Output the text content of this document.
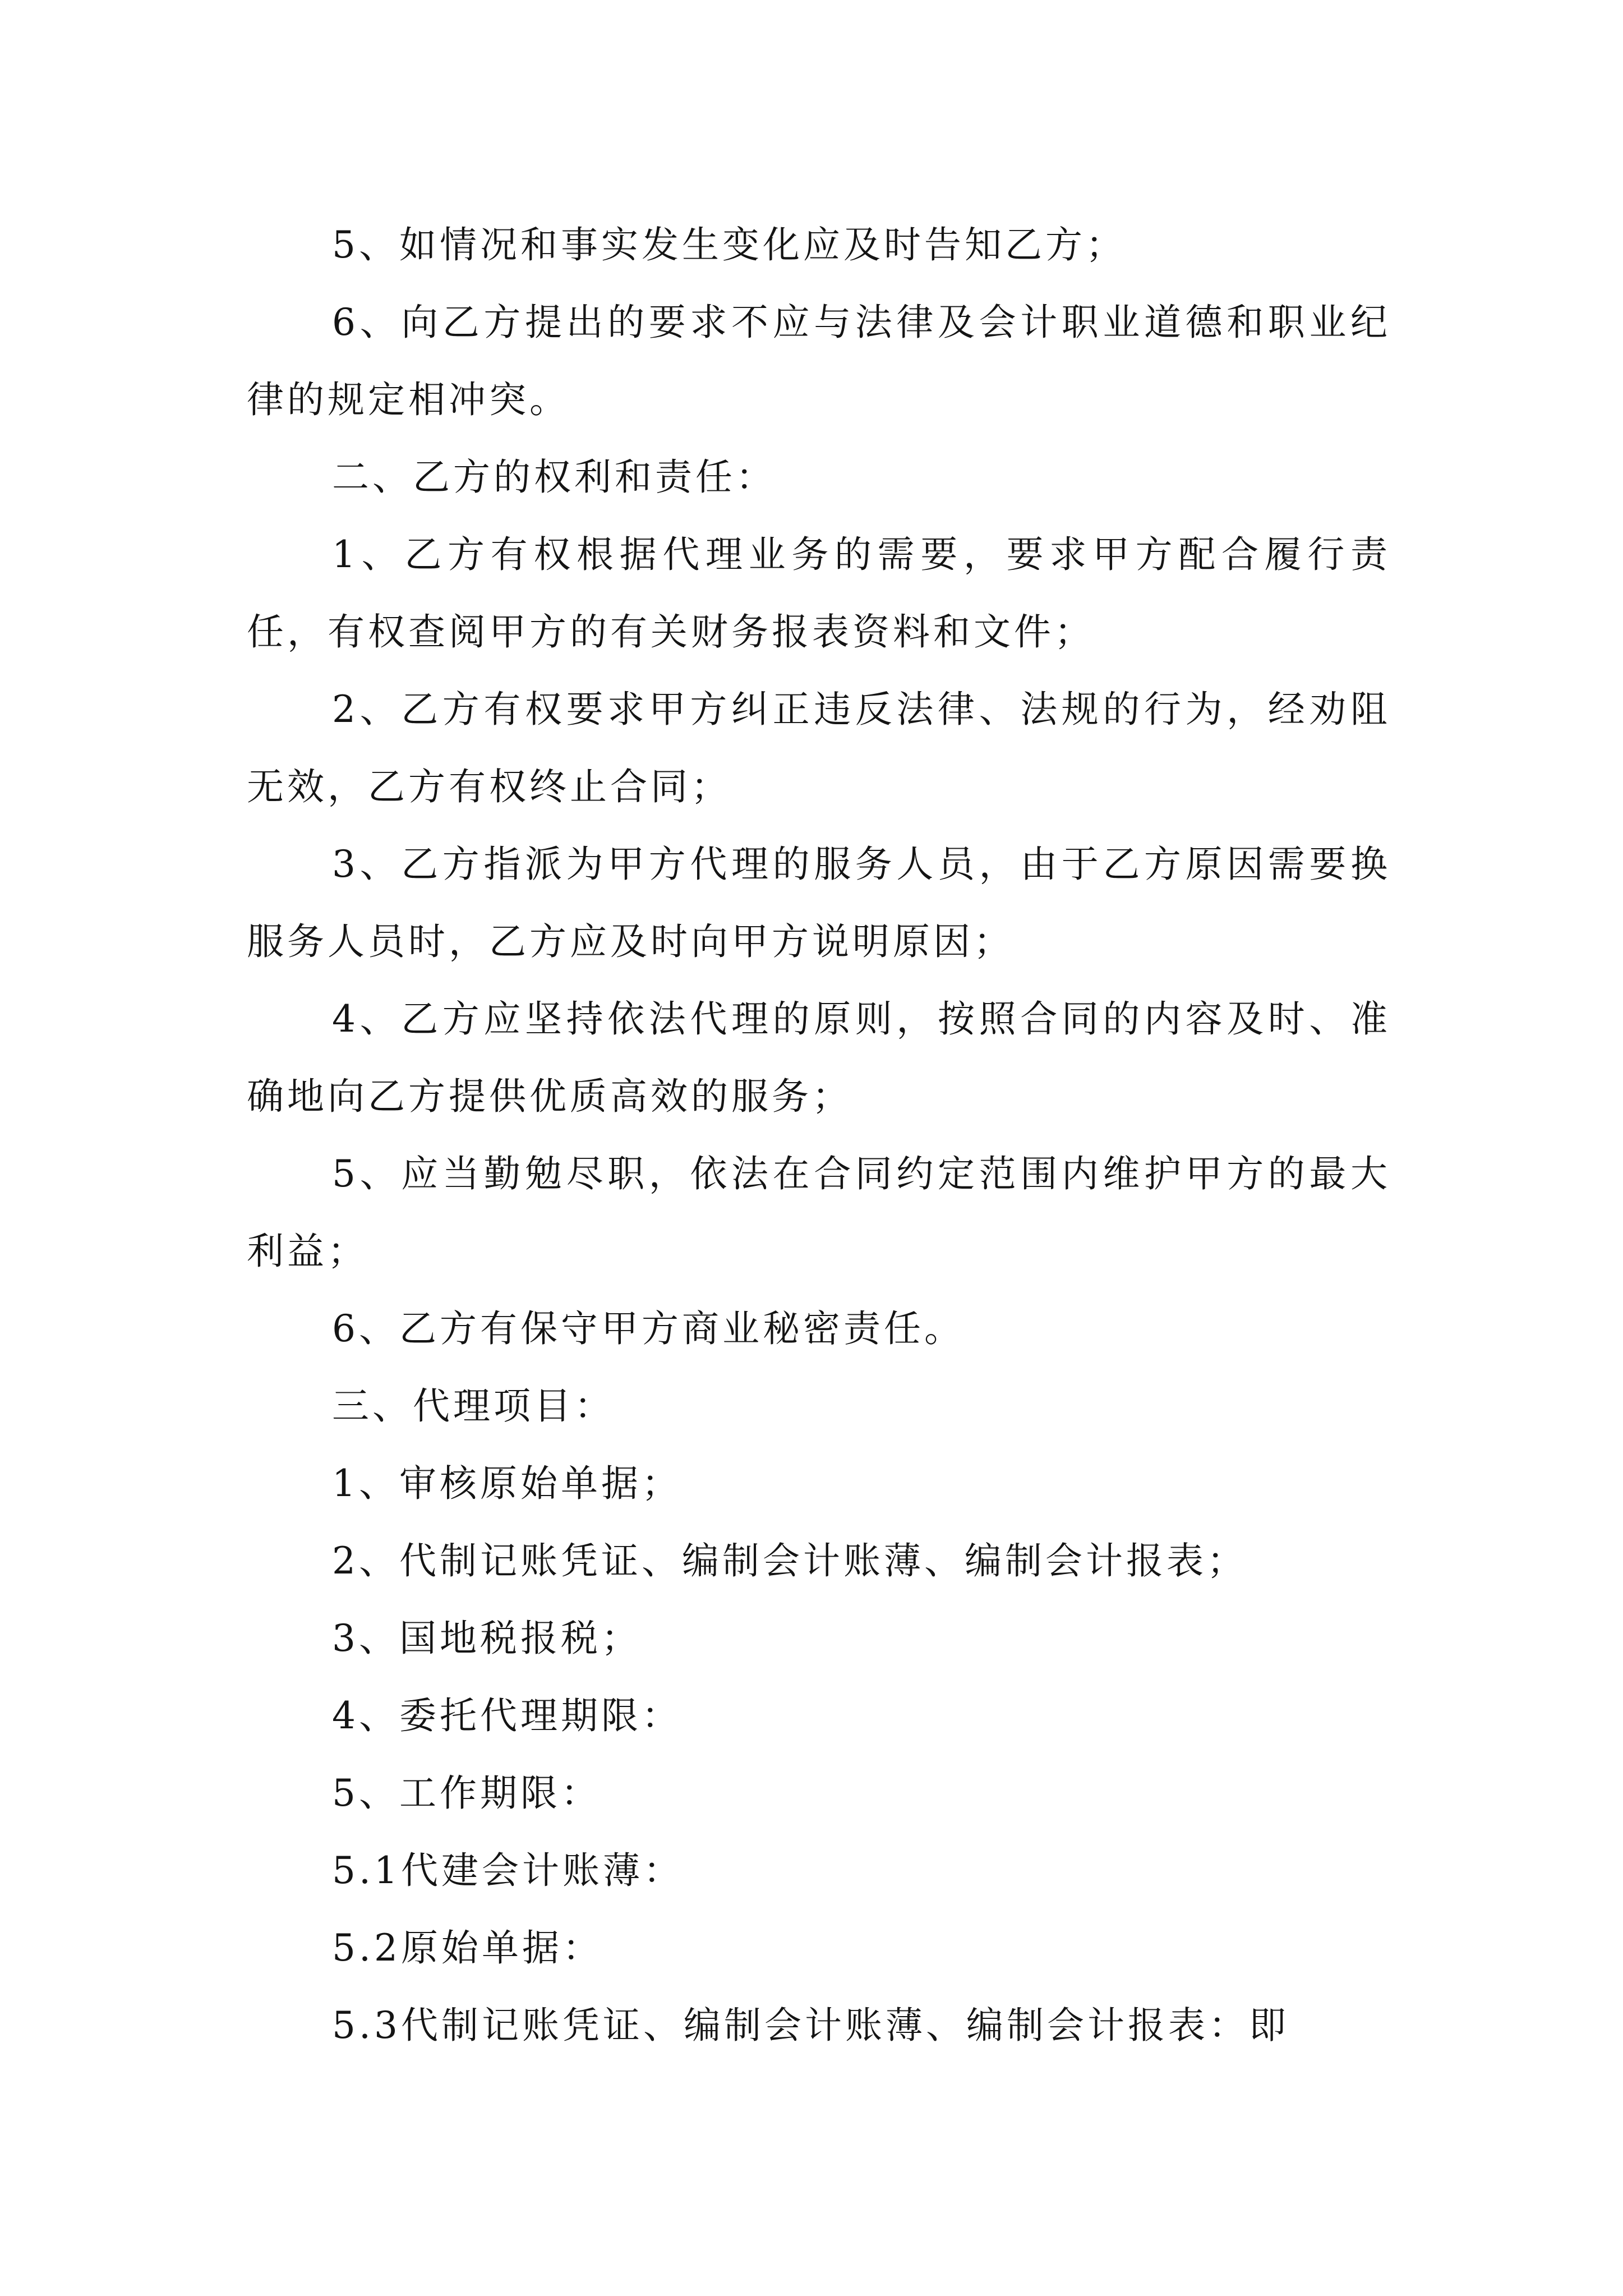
5、如情况和事实发生变化应及时告知乙方；

6、向乙方提出的要求不应与法律及会计职业道德和职业纪律的规定相冲突。

二、乙方的权利和责任：

1、乙方有权根据代理业务的需要，要求甲方配合履行责任，有权查阅甲方的有关财务报表资料和文件；

2、乙方有权要求甲方纠正违反法律、法规的行为，经劝阻无效，乙方有权终止合同；

3、乙方指派为甲方代理的服务人员，由于乙方原因需要换服务人员时，乙方应及时向甲方说明原因；

4、乙方应坚持依法代理的原则，按照合同的内容及时、准确地向乙方提供优质高效的服务；

5、应当勤勉尽职，依法在合同约定范围内维护甲方的最大利益；

6、乙方有保守甲方商业秘密责任。

三、代理项目：

1、审核原始单据；

2、代制记账凭证、编制会计账薄、编制会计报表；

3、国地税报税；

4、委托代理期限：

5、工作期限：

5.1代建会计账薄：

5.2原始单据：

5.3代制记账凭证、编制会计账薄、编制会计报表：即
